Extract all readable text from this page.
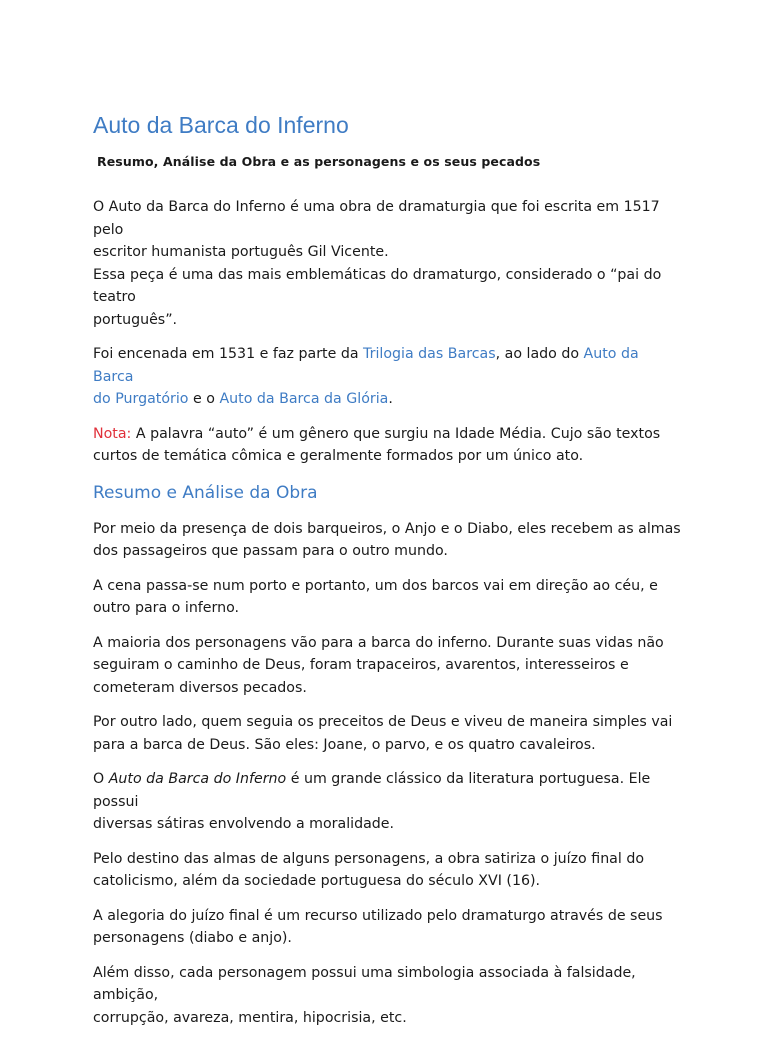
Auto da Barca do Inferno
Resumo, Análise da Obra e as personagens e os seus pecados

O Auto da Barca do Inferno é uma obra de dramaturgia que foi escrita em 1517 pelo
escritor humanista português Gil Vicente.
Essa peça é uma das mais emblemáticas do dramaturgo, considerado o “pai do teatro
português”.

Foi encenada em 1531 e faz parte da Trilogia das Barcas, ao lado do Auto da Barca
do Purgatório e o Auto da Barca da Glória.

Nota: A palavra “auto” é um gênero que surgiu na Idade Média. Cujo são textos
curtos de temática cômica e geralmente formados por um único ato.

Resumo e Análise da Obra

Por meio da presença de dois barqueiros, o Anjo e o Diabo, eles recebem as almas
dos passageiros que passam para o outro mundo.

A cena passa-se num porto e portanto, um dos barcos vai em direção ao céu, e
outro para o inferno.

A maioria dos personagens vão para a barca do inferno. Durante suas vidas não
seguiram o caminho de Deus, foram trapaceiros, avarentos, interesseiros e
cometeram diversos pecados.

Por outro lado, quem seguia os preceitos de Deus e viveu de maneira simples vai
para a barca de Deus. São eles: Joane, o parvo, e os quatro cavaleiros.

O Auto da Barca do Inferno é um grande clássico da literatura portuguesa. Ele possui
diversas sátiras envolvendo a moralidade.

Pelo destino das almas de alguns personagens, a obra satiriza o juízo final do
catolicismo, além da sociedade portuguesa do século XVI (16).

A alegoria do juízo final é um recurso utilizado pelo dramaturgo através de seus
personagens (diabo e anjo).

Além disso, cada personagem possui uma simbologia associada à falsidade, ambição,
corrupção, avareza, mentira, hipocrisia, etc.
